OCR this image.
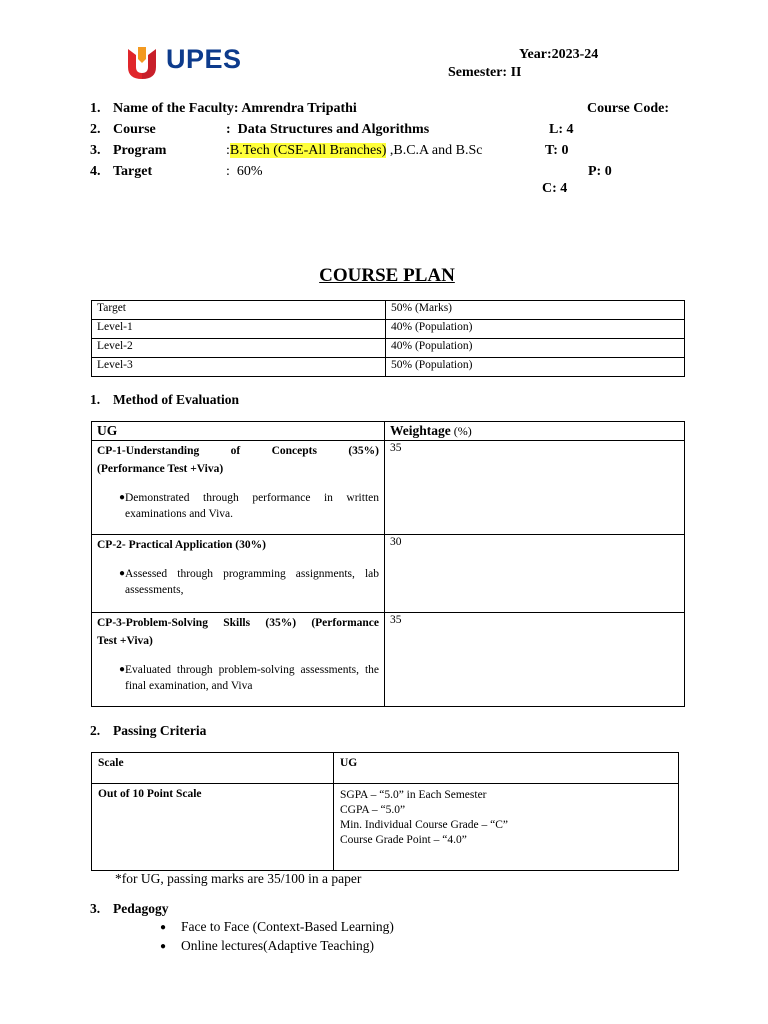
UPES	Year:2023-24
Semester: II
1. Name of the Faculty: Amrendra Tripathi
2. Course	: Data Structures and Algorithms
3. Program	:B.Tech (CSE-All Branches) ,B.C.A and B.Sc
4. Target	: 60%
Course Code:
L: 4
T: 0
P: 0
C: 4
COURSE PLAN
Target	50% (Marks)
Level-1	40% (Population)
Level-2	40% (Population)
Level-3	50% (Population)
1. Method of Evaluation
UG	Weightage (%)

CP-1-Understanding of Concepts (35%)
(Performance Test +Viva)
● Demonstrated through performance in written examinations and Viva.	35

CP-2- Practical Application (30%)
● Assessed through programming assignments, lab assessments,	30

CP-3-Problem-Solving Skills (35%) (Performance
Test +Viva)
● Evaluated through problem-solving assessments, the final examination, and Viva	35
2. Passing Criteria
Scale	UG
Out of 10 Point Scale	SGPA – “5.0” in Each Semester
CGPA – “5.0”
Min. Individual Course Grade – “C”
Course Grade Point – “4.0”
*for UG, passing marks are 35/100 in a paper
3. Pedagogy
●	Face to Face (Context-Based Learning)
●	Online lectures(Adaptive Teaching)
